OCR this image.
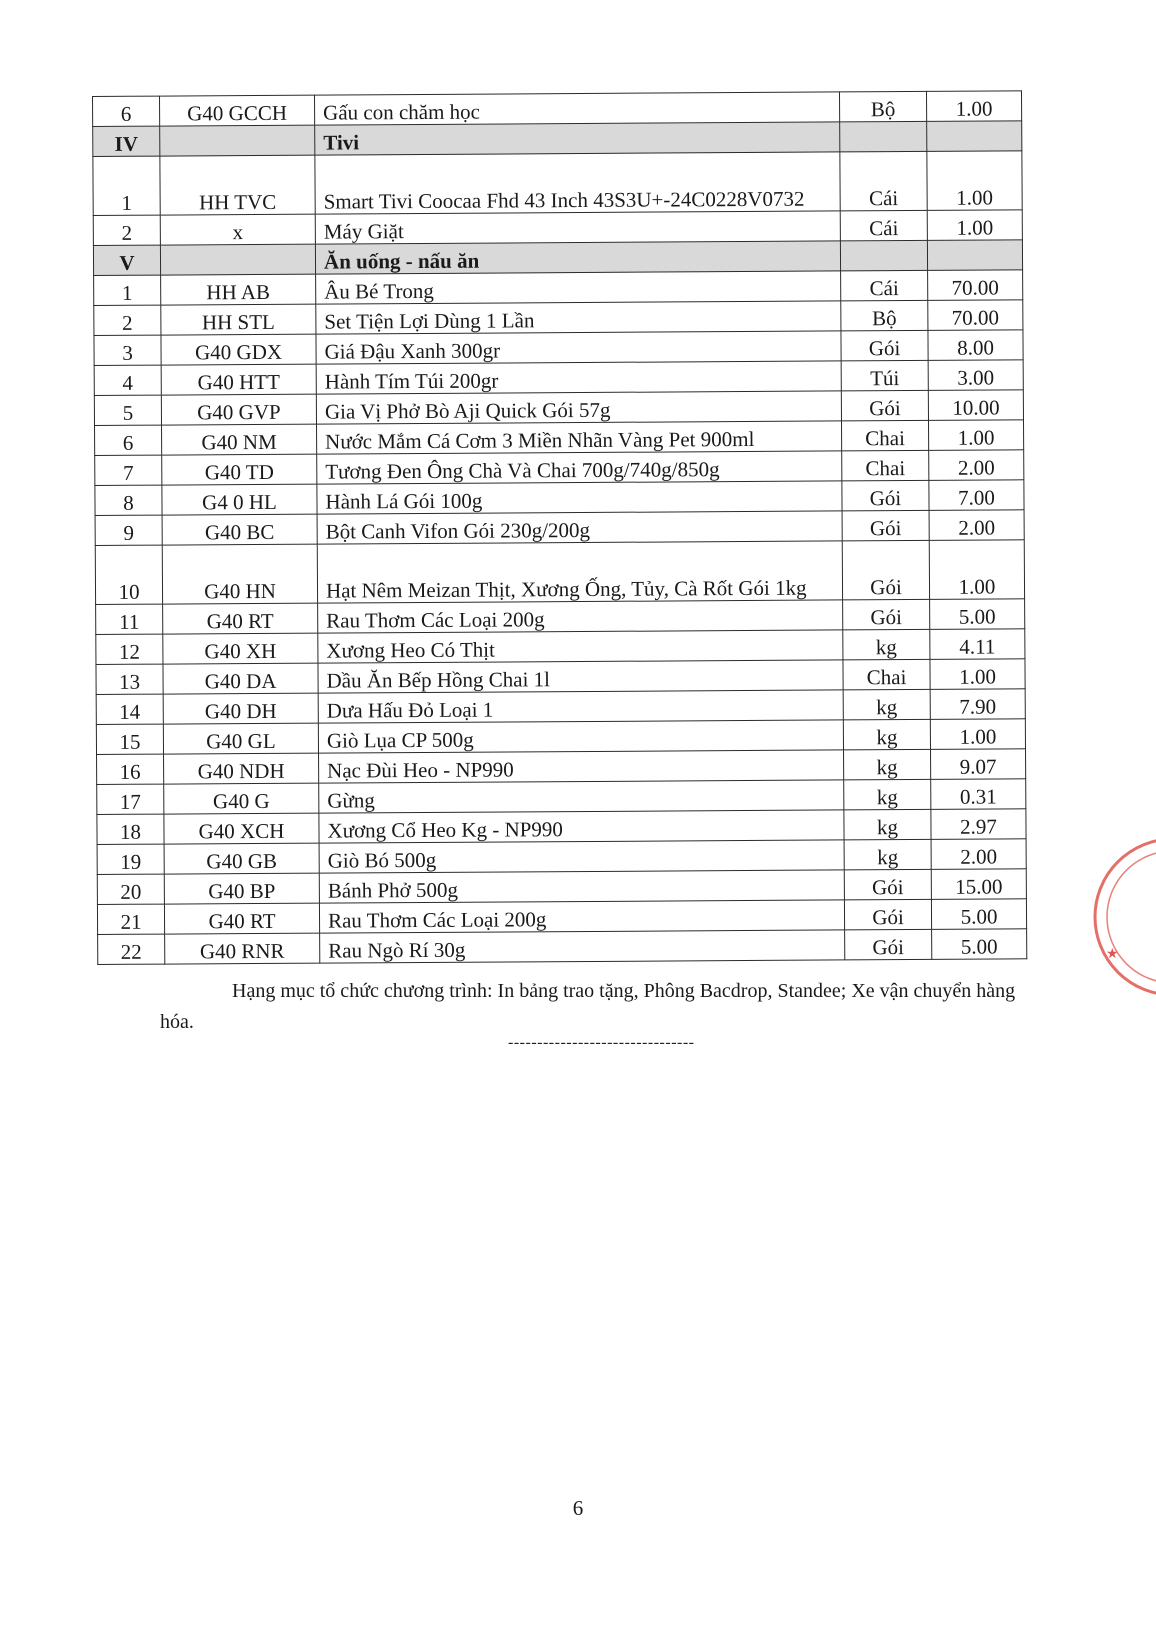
6	G40 GCCH	Gấu con chăm học	Bộ	1.00
IV		Tivi		
1	HH TVC	Smart Tivi Coocaa Fhd 43 Inch 43S3U+-24C0228V0732	Cái	1.00
2	x	Máy Giặt	Cái	1.00
V		Ăn uống - nấu ăn		
1	HH AB	Âu Bé Trong	Cái	70.00
2	HH STL	Set Tiện Lợi Dùng 1 Lần	Bộ	70.00
3	G40 GDX	Giá Đậu Xanh 300gr	Gói	8.00
4	G40 HTT	Hành Tím Túi 200gr	Túi	3.00
5	G40 GVP	Gia Vị Phở Bò Aji Quick Gói 57g	Gói	10.00
6	G40 NM	Nước Mắm Cá Cơm 3 Miền Nhãn Vàng Pet 900ml	Chai	1.00
7	G40 TD	Tương Đen Ông Chà Và Chai 700g/740g/850g	Chai	2.00
8	G4 0 HL	Hành Lá Gói 100g	Gói	7.00
9	G40 BC	Bột Canh Vifon Gói 230g/200g	Gói	2.00
10	G40 HN	Hạt Nêm Meizan Thịt, Xương Ống, Tủy, Cà Rốt Gói 1kg	Gói	1.00
11	G40 RT	Rau Thơm Các Loại 200g	Gói	5.00
12	G40 XH	Xương Heo Có Thịt	kg	4.11
13	G40 DA	Dầu Ăn Bếp Hồng Chai 1l	Chai	1.00
14	G40 DH	Dưa Hấu Đỏ Loại 1	kg	7.90
15	G40 GL	Giò Lụa CP 500g	kg	1.00
16	G40 NDH	Nạc Đùi Heo - NP990	kg	9.07
17	G40 G	Gừng	kg	0.31
18	G40 XCH	Xương Cổ Heo Kg - NP990	kg	2.97
19	G40 GB	Giò Bó 500g	kg	2.00
20	G40 BP	Bánh Phở 500g	Gói	15.00
21	G40 RT	Rau Thơm Các Loại 200g	Gói	5.00
22	G40 RNR	Rau Ngò Rí 30g	Gói	5.00
Hạng mục tổ chức chương trình: In bảng trao tặng, Phông Bacdrop, Standee; Xe vận chuyển hàng hóa.
--------------------------------
6
★
